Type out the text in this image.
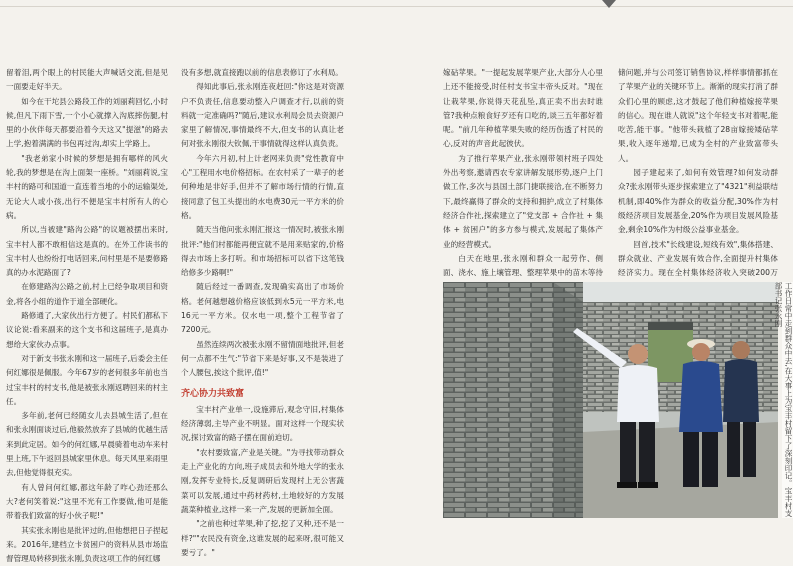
留着泪,两个眼上的村民能大声喊话交流,但是见一面要走好半天。

如今在干坨县公路段工作的刘丽莉回忆,小时候,但凡下雨下雪,一个小心就撑入沟底摔伤腿,村里的小伙伴每天都要沿着今天这又"提滋"的路去上学,抱着满满的书包再过沟,却实上学路上。

"我老弟家小时候的梦想是拥有哪样的风火轮,我的梦想是在沟上面架一座桥。"刘丽莉说,宝丰村的路可和国道一直连着当地的小的运输渠处,无论大人或小孩,出行不便是宝丰村所有人的心病。

所以,当被建"路沟公路"的议题被摆出来时,宝丰村人都不敢相信这是真的。在外工作读书的宝丰村人也纷纷打电话回来,问村里是不是要修路真的办水泥路面了?

在修建路沟公路之前,村上已经争取项目和资金,将各小组的道作于道全部硬化。

路修通了,大家伙出行方便了。村民们都私下议论说:看来副来的这个支书和这届班子,是真办想给大家伙办点事。

对于新支书张永刚和这一届班子,后委会主任何红娜很是佩服。今年67岁的老何很多年前也当过宝丰村的村支书,他是被张永刚返聘回来的村主任。

多年前,老何已经随女儿去县城生活了,但在和张永刚面谈过后,他毅然放弃了县城的优越生活来到此定居。如今的何红娜,早晨骑着电动车来村里上班,下午返回县城家里休息。每天风里来雨里去,但他觉得很充实。

有人曾问何红娜,都这年龄了咋心劲还那么大?老何笑着说:"这里不光有工作要做,他可是能带着我们致富的好小伙子呢!"

其实张永刚也是批评过的,但他想把日子捏起来。2016年,建档立卡贫困户的资料从县市场监督管理局转移到张永刚,负责这项工作的何红娜

没有多想,就直接跑以前的信息表修订了水利局。

得知此事后,张永刚连夜赶回:"你这是对资源户不负责任,信息要动整入户调查才行,以前的资料就一定准确吗?"随后,建议水利局会员去资源户家里了解情况,事情最终不大,但支书的认真让老何对张永刚很大钦佩,干事情就得这样认真负责。

今年六月初,村上计老网来负责"党性教育中心"工程用水电价格招标。在农村采了一辈子的老何种地是非好手,但并不了解市场行情的行情,直接同意了包工头提出的水电费30元一平方米的价格。

随天当他问张永刚汇报这一情况时,被张永刚批评:"他们村都能再便宜就不是用来贴家的,价格得去市场上多打听。和市场招标可以省下这笔钱给修多少路啊!"

随后经过一番调查,发现确实高出了市场价格。老何越想越价格应该低到水5元一平方米,电16元一平方米。仅水电一项,整个工程节省了7200元。

虽然连续两次被张永刚不留情面地批评,但老何一点都不生气:"节省下来是好事,又不是装进了个人腰包,挨这个批评,值!"

齐心协力共致富

宝丰村产业单一,设施滞后,观念守旧,村集体经济薄弱,主导产业不明显。面对这样一个现实状况,探讨致富的路子摆在面前迫切。

"农村要致富,产业是关键。"为寻找带动群众走上产业化的方向,班子成员去和外地大学的张永刚,发挥专业特长,反复调研后发现村上无公害蔬菜可以发展,通过中药材药材,土地较好的方发展蔬菜种植业,这样一来一产,发展的更新加全面。

"之前也种过苹果,种了挖,挖了又种,还不是一样?""农民没有资金,这谁发展的起来呀,很可能又要亏了。"

嫁砧苹果。"一提起发展苹果产业,大部分人心里上还不能接受,时任村支书宝丰帝头反对。"现在让栽苹果,你说得天花乱坠,真正卖不出去时谁管?我种点粮食好歹还有口吃的,谈三五年都好着呢。"前几年种植苹果失败的经历伤透了村民的心,反对的声音此起彼伏。

为了推行苹果产业,张永刚带领村班子四处外出考察,邀请西农专家讲解发展形势,逐户上门做工作,多次与县国土部门捷联接洽,在不断努力下,最终赢得了群众的支持和拥护,成立了村集体经济合作社,探索建立了"党支部 + 合作社 + 集体 + 贫困户"的多方参与模式,发展起了集体产业的经营模式。

白天在地里,张永刚和群众一起劳作、侧面、浇水、施上壤管理、整理苹果中的苗木等待

储问题,并与公司签订销售协议,样样事情都抓在了苹果产业的关键环节上。渐渐的现实打消了群众们心里的顾虑,这才鼓起了他们种植嫁接苹果的信心。现在谁人就说"这个年轻支书对着呢,能吃苦,能干事。"他带头栽植了28亩嫁接矮砧苹果,收入逐年递增,已成为全村的产业致富带头人。

园子建起来了,如何有效管理?如何发动群众?张永刚带头逐步探索建立了"4321"利益联结机制,即40%作为群众的收益分配,30%作为村级经济项目发展基金,20%作为项目发展风险基金,剩余10%作为村级公益事业基金。

回首,技术"长线建设,短线有效",集体搭建、群众就业、产业发展有效合作,全面提升村集体经济实力。现在全村集体经济收入突破200万

工作日常中走到群众中去,在大事上为宝丰村留下了深刻印记。宝丰村支部书记张永刚
